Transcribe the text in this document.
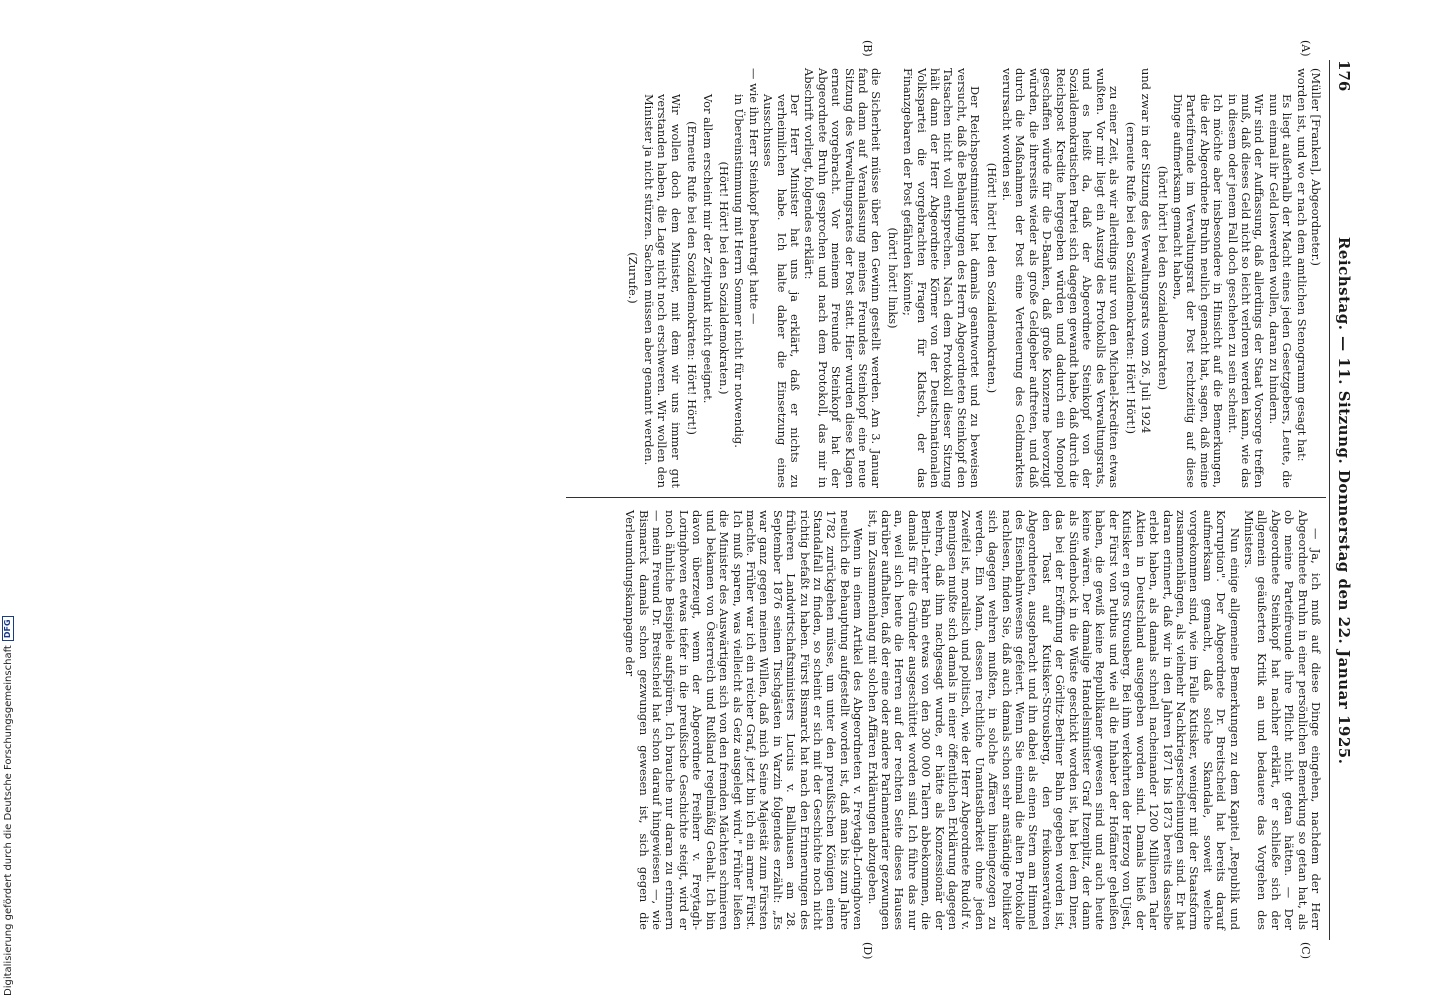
176
Reichstag. — 11. Sitzung. Donnerstag den 22. Januar 1925.
(A)
(B)
(C)
(D)

(Müller [Franken], Abgeordneter.)

worden ist, und wo er nach dem amtlichen Stenogramm gesagt hat:

Es liegt außerhalb der Macht eines jeden Gesetzgebers, Leute, die nun einmal ihr Geld loswerden wollen, daran zu hindern.

Wir sind der Auffassung, daß allerdings der Staat Vorsorge treffen muß, daß dieses Geld nicht so leicht verloren werden kann, wie das in diesem oder jenem Fall doch geschehen zu sein scheint.

Ich möchte aber insbesondere in Hinsicht auf die Bemerkungen, die der Abgeordnete Bruhn neulich gemacht hat, sagen, daß meine Parteifreunde im Verwaltungsrat der Post rechtzeitig auf diese Dinge aufmerksam gemacht haben,

(hört! hört! bei den Sozialdemokraten)

und zwar in der Sitzung des Verwaltungsrats vom 26. Juli 1924

(erneute Rufe bei den Sozialdemokraten: Hört! Hört!)

zu einer Zeit, als wir allerdings nur von den Michael-Krediten etwas wußten. Vor mir liegt ein Auszug des Protokolls des Verwaltungsrats, und es heißt da, daß der Abgeordnete Steinkopf von der Sozialdemokratischen Partei sich dagegen gewandt habe, daß durch die Reichspost Kredite hergegeben würden und dadurch ein Monopol geschaffen würde für die D-Banken, daß große Konzerne bevorzugt würden, die ihrerseits wieder als große Geldgeber auftreten, und daß durch die Maßnahmen der Post eine Verteuerung des Geldmarktes verursacht worden sei.

(Hört! hört! bei den Sozialdemokraten.)

Der Reichspostminister hat damals geantwortet und zu beweisen versucht, daß die Behauptungen des Herrn Abgeordneten Steinkopf den Tatsachen nicht voll entsprechen. Nach dem Protokoll dieser Sitzung hält dann der Herr Abgeordnete Körner von der Deutschnationalen Volkspartei die vorgebrachten Fragen für Klatsch, der das Finanzgebaren der Post gefährden könnte;

(hört! hört! links)

die Sicherheit müsse über den Gewinn gestellt werden. Am 3. Januar fand dann auf Veranlassung meines Freundes Steinkopf eine neue Sitzung des Verwaltungsrates der Post statt. Hier wurden diese Klagen erneut vorgebracht. Vor meinem Freunde Steinkopf hat der Abgeordnete Bruhn gesprochen und nach dem Protokoll, das mir in Abschrift vorliegt, folgendes erklärt:

Der Herr Minister hat uns ja erklärt, daß er nichts zu verheimlichen habe. Ich halte daher die Einsetzung eines Ausschusses

— wie ihn Herr Steinkopf beantragt hatte —

in Übereinstimmung mit Herrn Sommer nicht für notwendig.

(Hört! Hört! bei den Sozialdemokraten.)

Vor allem erscheint mir der Zeitpunkt nicht geeignet.

(Erneute Rufe bei den Sozialdemokraten: Hört! Hört!)

Wir wollen doch dem Minister, mit dem wir uns immer gut verstanden haben, die Lage nicht noch erschweren. Wir wollen den Minister ja nicht stürzen. Sachen müssen aber genannt werden.

(Zurufe.)

— Ja, ich muß auf diese Dinge eingehen, nachdem der Herr Abgeordnete Bruhn in einer persönlichen Bemerkung so getan hat, als ob meine Parteifreunde ihre Pflicht nicht getan hätten. — Der Abgeordnete Steinkopf hat nachher erklärt, er schließe sich der allgemein geäußerten Kritik an und bedauere das Vorgehen des Ministers.

Nun einige allgemeine Bemerkungen zu dem Kapitel „Republik und Korruption". Der Abgeordnete Dr. Breitscheid hat bereits darauf aufmerksam gemacht, daß solche Skandale, soweit welche vorgekommen sind, wie im Falle Kutisker, weniger mit der Staatsform zusammenhängen, als vielmehr Nachkriegserscheinungen sind. Er hat daran erinnert, daß wir in den Jahren 1871 bis 1873 bereits dasselbe erlebt haben, als damals schnell nacheinander 1200 Millionen Taler Aktien in Deutschland ausgegeben worden sind. Damals hieß der Kutisker en gros Strousberg. Bei ihm verkehrten der Herzog von Ujest, der Fürst von Putbus und wie all die Inhaber der Hofämter geheißen haben, die gewiß keine Republikaner gewesen sind und auch heute keine wären. Der damalige Handelsminister Graf Itzenplitz, der dann als Sündenbock in die Wüste geschickt worden ist, hat bei dem Diner, das bei der Eröffnung der Görlitz-Berliner Bahn gegeben worden ist, den Toast auf Kutisker-Strousberg, den freikonservativen Abgeordneten, ausgebracht und ihn dabei als einen Stern am Himmel des Eisenbahnwesens gefeiert. Wenn Sie einmal die alten Protokolle nachlesen, finden Sie, daß auch damals schon sehr anständige Politiker sich dagegen wehren mußten, in solche Affären hineingezogen zu werden. Ein Mann, dessen rechtliche Unantastbarkeit ohne jeden Zweifel ist, moralisch und politisch, wie der Herr Abgeordnete Rudolf v. Bennigsen mußte sich damals in einer öffentlichen Erklärung dagegen wehren, daß ihm nachgesagt wurde, er hätte als Konzessionär der Berlin-Lehrter Bahn etwas von den 300 000 Talern abbekommen, die damals für die Gründer ausgeschüttet worden sind. Ich führe das nur an, weil sich heute die Herren auf der rechten Seite dieses Hauses darüber aufhalten, daß der eine oder andere Parlamentarier gezwungen ist, im Zusammenhang mit solchen Affären Erklärungen abzugeben.

Wenn in einem Artikel des Abgeordneten v. Freytagh-Loringhoven neulich die Behauptung aufgestellt worden ist, daß man bis zum Jahre 1782 zurückgehen müsse, um unter den preußischen Königen einen Standalfall zu finden, so scheint er sich mit der Geschichte noch nicht richtig befaßt zu haben. Fürst Bismarck hat nach den Erinnerungen des früheren Landwirtschaftsministers Lucius v. Ballhausen am 28. September 1876 seinen Tischgästen in Varzin folgendes erzählt: „Es war ganz gegen meinen Willen, daß mich Seine Majestät zum Fürsten machte. Früher war ich ein reicher Graf, jetzt bin ich ein armer Fürst. Ich muß sparen, was vielleicht als Geiz ausgelegt wird." Früher ließen die Minister des Auswärtigen sich von den fremden Mächten schmieren und bekamen von Österreich und Rußland regelmäßig Gehalt. Ich bin davon überzeugt, wenn der Abgeordnete Freiherr v. Freytagh-Loringhoven etwas tiefer in die preußische Geschichte steigt, wird er noch ähnliche Beispiele aufspüren. Ich brauche nur daran zu erinnern — mein Freund Dr. Breitscheid hat schon darauf hingewiesen —, wie Bismarck damals schon gezwungen gewesen ist, sich gegen die Verleumdungskampagne der

Digitalisierung gefördert durch die Deutsche Forschungsgemeinschaft
DFG
